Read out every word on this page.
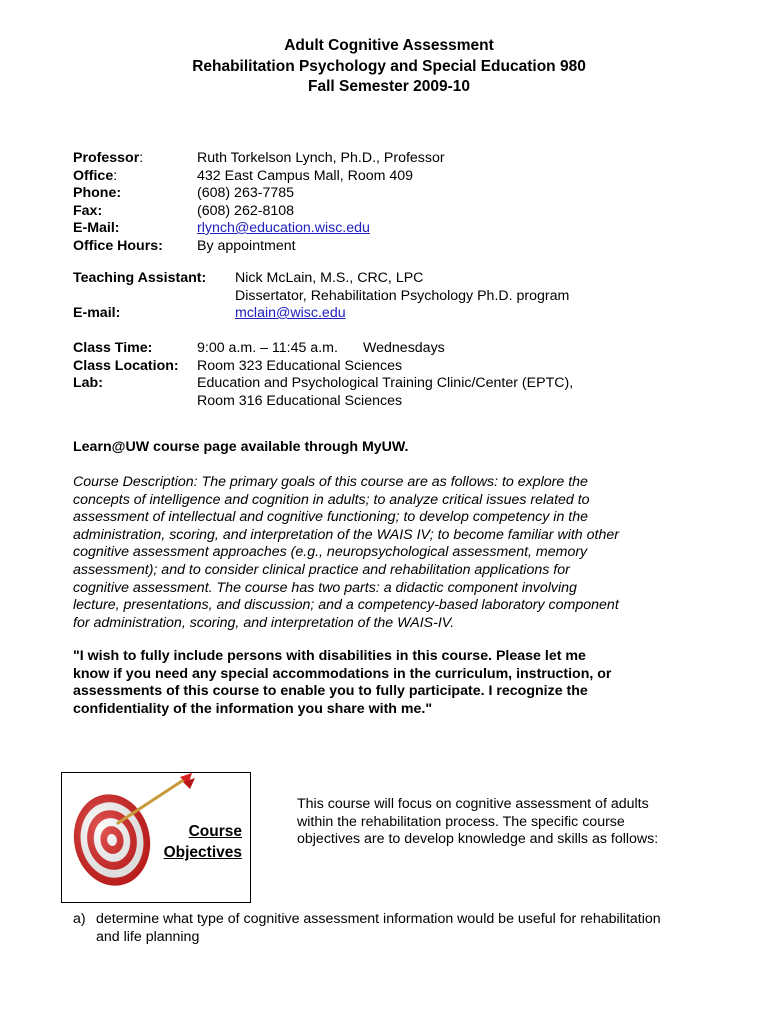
Adult Cognitive Assessment
Rehabilitation Psychology and Special Education 980
Fall Semester 2009-10
Professor:	Ruth Torkelson Lynch, Ph.D., Professor
Office:	432 East Campus Mall, Room 409
Phone:	(608) 263-7785
Fax:	(608) 262-8108
E-Mail:	rlynch@education.wisc.edu
Office Hours: By appointment
Teaching Assistant: Nick McLain, M.S., CRC, LPC
Dissertator, Rehabilitation Psychology Ph.D. program
E-mail:	mclain@wisc.edu
Class Time:	9:00 a.m. – 11:45 a.m. Wednesdays
Class Location: Room 323 Educational Sciences
Lab:	Education and Psychological Training Clinic/Center (EPTC),
Room 316 Educational Sciences
Learn@UW course page available through MyUW.
Course Description: The primary goals of this course are as follows: to explore the
concepts of intelligence and cognition in adults; to analyze critical issues related to
assessment of intellectual and cognitive functioning; to develop competency in the
administration, scoring, and interpretation of the WAIS IV; to become familiar with other
cognitive assessment approaches (e.g., neuropsychological assessment, memory
assessment); and to consider clinical practice and rehabilitation applications for
cognitive assessment. The course has two parts: a didactic component involving
lecture, presentations, and discussion; and a competency-based laboratory component
for administration, scoring, and interpretation of the WAIS-IV.
"I wish to fully include persons with disabilities in this course. Please let me
know if you need any special accommodations in the curriculum, instruction, or
assessments of this course to enable you to fully participate. I recognize the
confidentiality of the information you share with me."
Course
Objectives
This course will focus on cognitive assessment of adults
within the rehabilitation process. The specific course
objectives are to develop knowledge and skills as follows:
a) determine what type of cognitive assessment information would be useful for rehabilitation
and life planning
